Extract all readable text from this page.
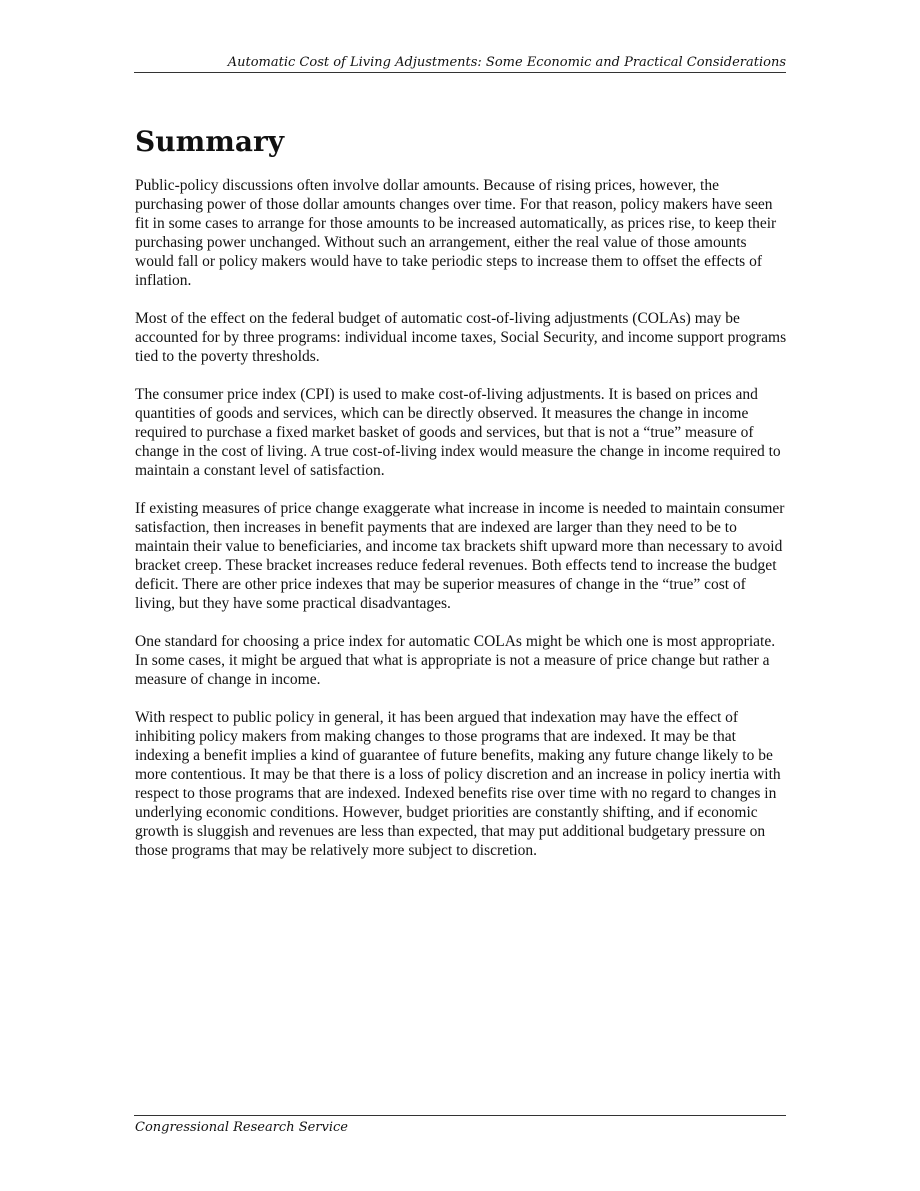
Automatic Cost of Living Adjustments: Some Economic and Practical Considerations
Summary

Public-policy discussions often involve dollar amounts. Because of rising prices, however, the purchasing power of those dollar amounts changes over time. For that reason, policy makers have seen fit in some cases to arrange for those amounts to be increased automatically, as prices rise, to keep their purchasing power unchanged. Without such an arrangement, either the real value of those amounts would fall or policy makers would have to take periodic steps to increase them to offset the effects of inflation.

Most of the effect on the federal budget of automatic cost-of-living adjustments (COLAs) may be accounted for by three programs: individual income taxes, Social Security, and income support programs tied to the poverty thresholds.

The consumer price index (CPI) is used to make cost-of-living adjustments. It is based on prices and quantities of goods and services, which can be directly observed. It measures the change in income required to purchase a fixed market basket of goods and services, but that is not a “true” measure of change in the cost of living. A true cost-of-living index would measure the change in income required to maintain a constant level of satisfaction.

If existing measures of price change exaggerate what increase in income is needed to maintain consumer satisfaction, then increases in benefit payments that are indexed are larger than they need to be to maintain their value to beneficiaries, and income tax brackets shift upward more than necessary to avoid bracket creep. These bracket increases reduce federal revenues. Both effects tend to increase the budget deficit. There are other price indexes that may be superior measures of change in the “true” cost of living, but they have some practical disadvantages.

One standard for choosing a price index for automatic COLAs might be which one is most appropriate. In some cases, it might be argued that what is appropriate is not a measure of price change but rather a measure of change in income.

With respect to public policy in general, it has been argued that indexation may have the effect of inhibiting policy makers from making changes to those programs that are indexed. It may be that indexing a benefit implies a kind of guarantee of future benefits, making any future change likely to be more contentious. It may be that there is a loss of policy discretion and an increase in policy inertia with respect to those programs that are indexed. Indexed benefits rise over time with no regard to changes in underlying economic conditions. However, budget priorities are constantly shifting, and if economic growth is sluggish and revenues are less than expected, that may put additional budgetary pressure on those programs that may be relatively more subject to discretion.

Congressional Research Service
